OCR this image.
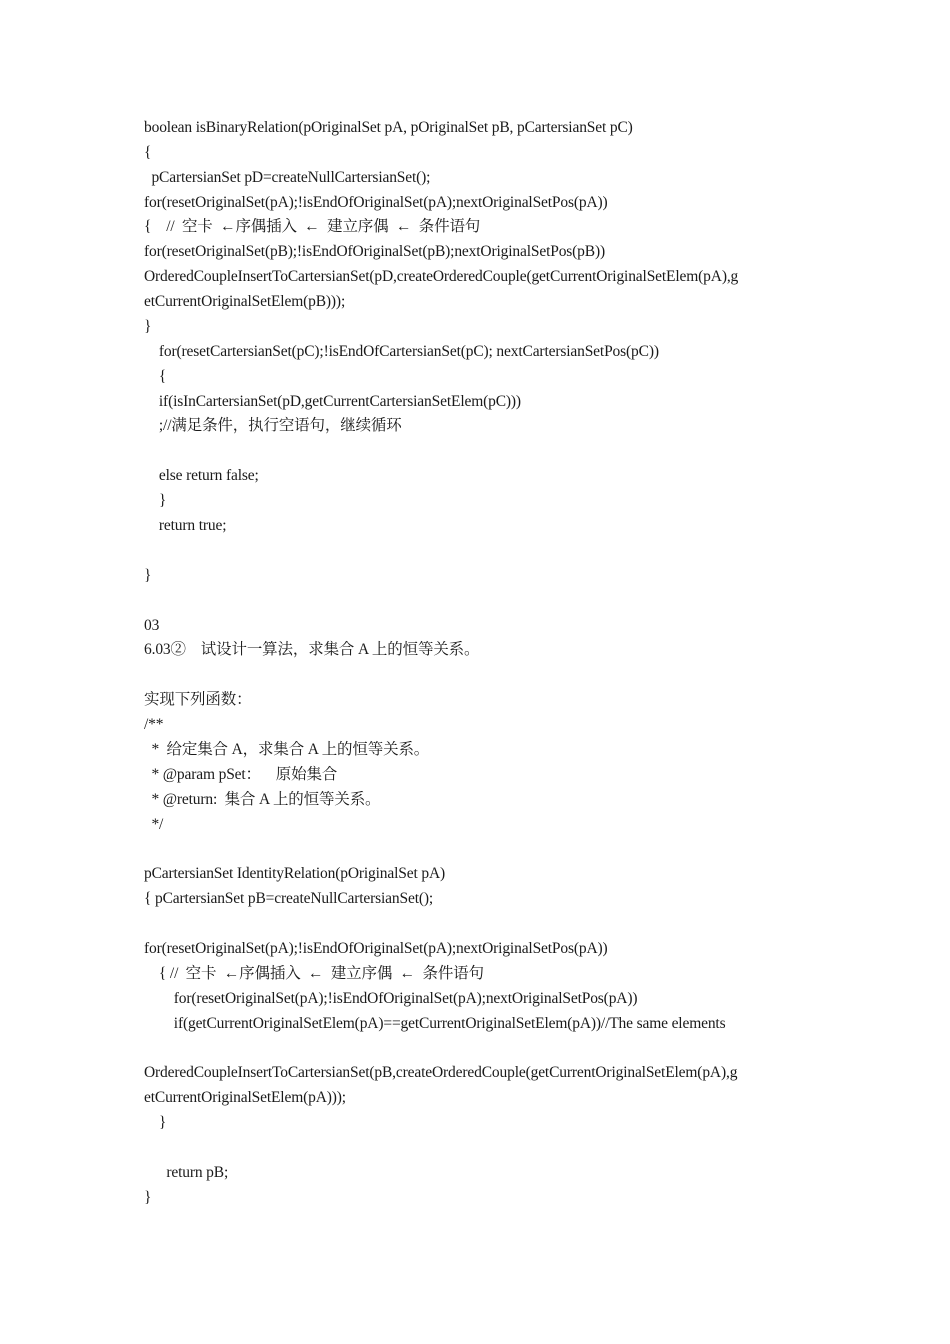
boolean isBinaryRelation(pOriginalSet pA, pOriginalSet pB, pCartersianSet pC)
{
pCartersianSet pD=createNullCartersianSet();
for(resetOriginalSet(pA);!isEndOfOriginalSet(pA);nextOriginalSetPos(pA))
{    //  空卡  ←序偶插入  ←  建立序偶  ←  条件语句
for(resetOriginalSet(pB);!isEndOfOriginalSet(pB);nextOriginalSetPos(pB))
OrderedCoupleInsertToCartersianSet(pD,createOrderedCouple(getCurrentOriginalSetElem(pA),g
etCurrentOriginalSetElem(pB)));
}
for(resetCartersianSet(pC);!isEndOfCartersianSet(pC); nextCartersianSetPos(pC))
{
if(isInCartersianSet(pD,getCurrentCartersianSetElem(pC)))
;//满足条件，执行空语句，继续循环
else return false;
}
return true;
}
03
6.03②    试设计一算法，求集合 A 上的恒等关系。
实现下列函数：
/**
*  给定集合 A，求集合 A 上的恒等关系。
* @param pSet：    原始集合
* @return:  集合 A 上的恒等关系。
*/
pCartersianSet IdentityRelation(pOriginalSet pA)
{ pCartersianSet pB=createNullCartersianSet();
for(resetOriginalSet(pA);!isEndOfOriginalSet(pA);nextOriginalSetPos(pA))
{ //  空卡  ←序偶插入  ←  建立序偶  ←  条件语句
for(resetOriginalSet(pA);!isEndOfOriginalSet(pA);nextOriginalSetPos(pA))
if(getCurrentOriginalSetElem(pA)==getCurrentOriginalSetElem(pA))//The same elements
OrderedCoupleInsertToCartersianSet(pB,createOrderedCouple(getCurrentOriginalSetElem(pA),g
etCurrentOriginalSetElem(pA)));
}
return pB;
}
